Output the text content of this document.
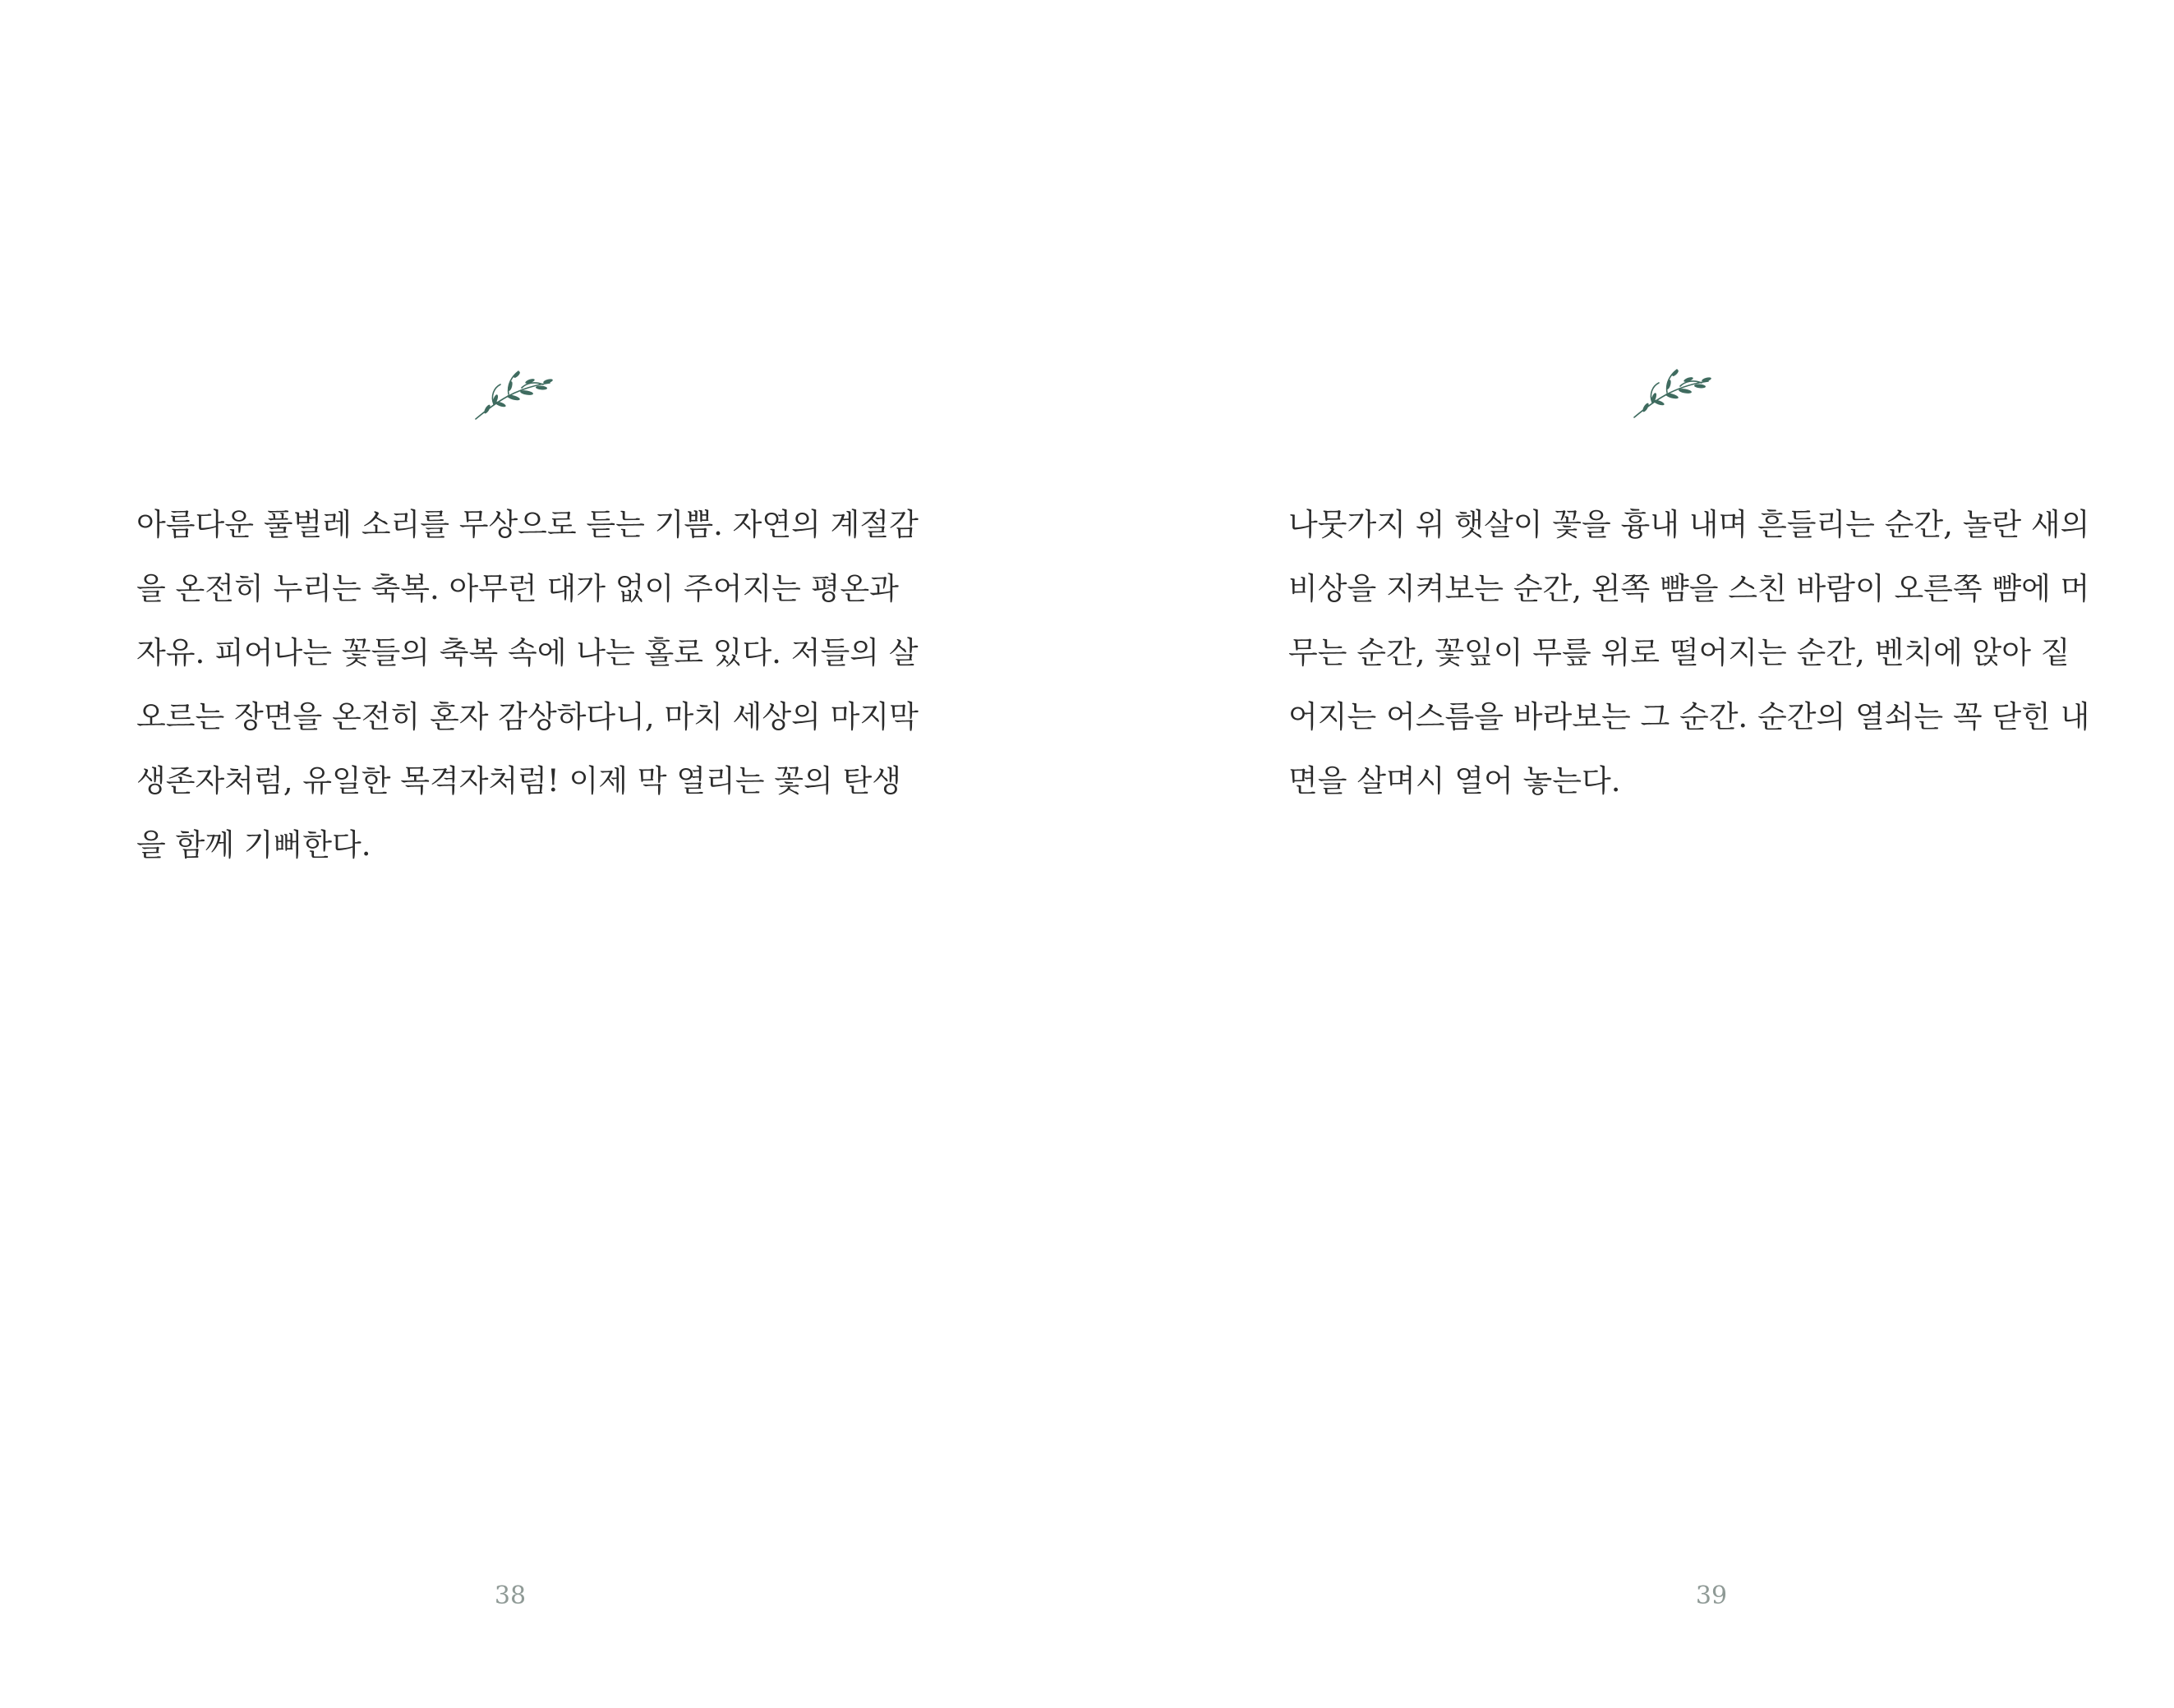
아름다운 풀벌레 소리를 무상으로 듣는 기쁨. 자연의 계절감
을 온전히 누리는 축복. 아무런 대가 없이 주어지는 평온과
자유. 피어나는 꽃들의 축복 속에 나는 홀로 있다. 저들의 살
오르는 장면을 온전히 혼자 감상하다니, 마치 세상의 마지막
생존자처럼, 유일한 목격자처럼! 이제 막 열리는 꽃의 탄생
을 함께 기뻐한다.
38
나뭇가지 위 햇살이 꽃을 흉내 내며 흔들리는 순간, 놀란 새의
비상을 지켜보는 순간, 왼쪽 뺨을 스친 바람이 오른쪽 뺨에 머
무는 순간, 꽃잎이 무릎 위로 떨어지는 순간, 벤치에 앉아 짙
어지는 어스름을 바라보는 그 순간. 순간의 열쇠는 꼭 닫힌 내
면을 살며시 열어 놓는다.
39
